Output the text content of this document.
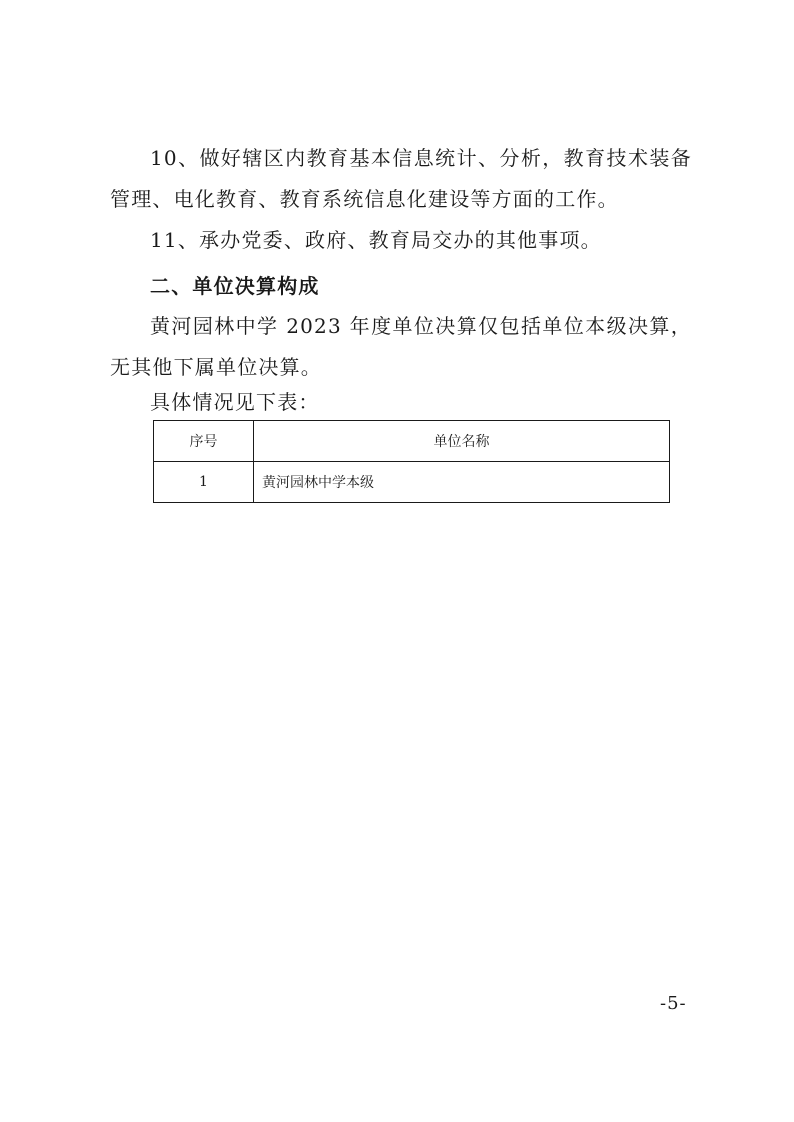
10、做好辖区内教育基本信息统计、分析，教育技术装备管理、电化教育、教育系统信息化建设等方面的工作。

11、承办党委、政府、教育局交办的其他事项。

二、单位决算构成

黄河园林中学 2023 年度单位决算仅包括单位本级决算，无其他下属单位决算。

具体情况见下表：

序号	单位名称
1	黄河园林中学本级
-5-
